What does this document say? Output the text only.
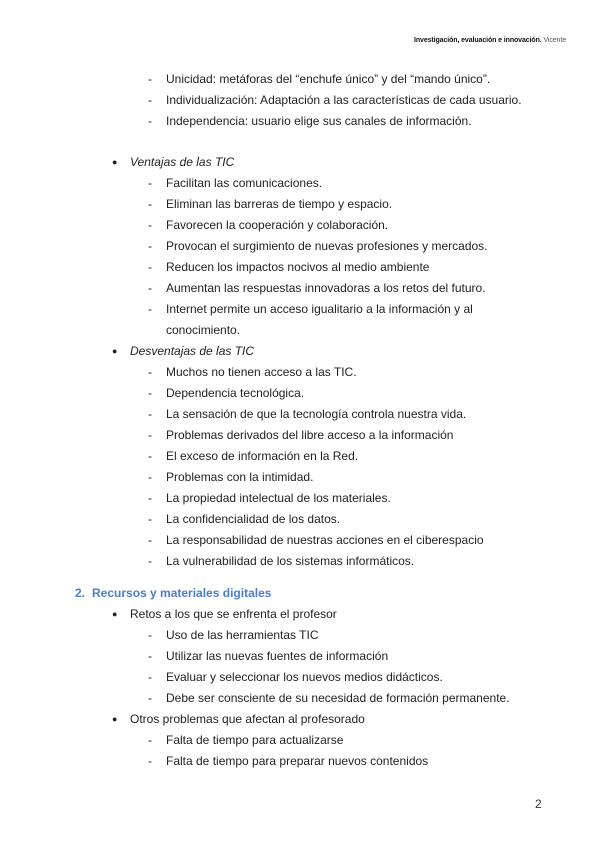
Investigación, evaluación e innovación. Vicente
- Unicidad: metáforas del “enchufe único” y del “mando único”.
- Individualización: Adaptación a las características de cada usuario.
- Independencia: usuario elige sus canales de información.
● Ventajas de las TIC
- Facilitan las comunicaciones.
- Eliminan las barreras de tiempo y espacio.
- Favorecen la cooperación y colaboración.
- Provocan el surgimiento de nuevas profesiones y mercados.
- Reducen los impactos nocivos al medio ambiente
- Aumentan las respuestas innovadoras a los retos del futuro.
- Internet permite un acceso igualitario a la información y al
conocimiento.
● Desventajas de las TIC
- Muchos no tienen acceso a las TIC.
- Dependencia tecnológica.
- La sensación de que la tecnología controla nuestra vida.
- Problemas derivados del libre acceso a la información
- El exceso de información en la Red.
- Problemas con la intimidad.
- La propiedad intelectual de los materiales.
- La confidencialidad de los datos.
- La responsabilidad de nuestras acciones en el ciberespacio
- La vulnerabilidad de los sistemas informáticos.
2. Recursos y materiales digitales
● Retos a los que se enfrenta el profesor
- Uso de las herramientas TIC
- Utilizar las nuevas fuentes de información
- Evaluar y seleccionar los nuevos medios didácticos.
- Debe ser consciente de su necesidad de formación permanente.
● Otros problemas que afectan al profesorado
- Falta de tiempo para actualizarse
- Falta de tiempo para preparar nuevos contenidos
2
